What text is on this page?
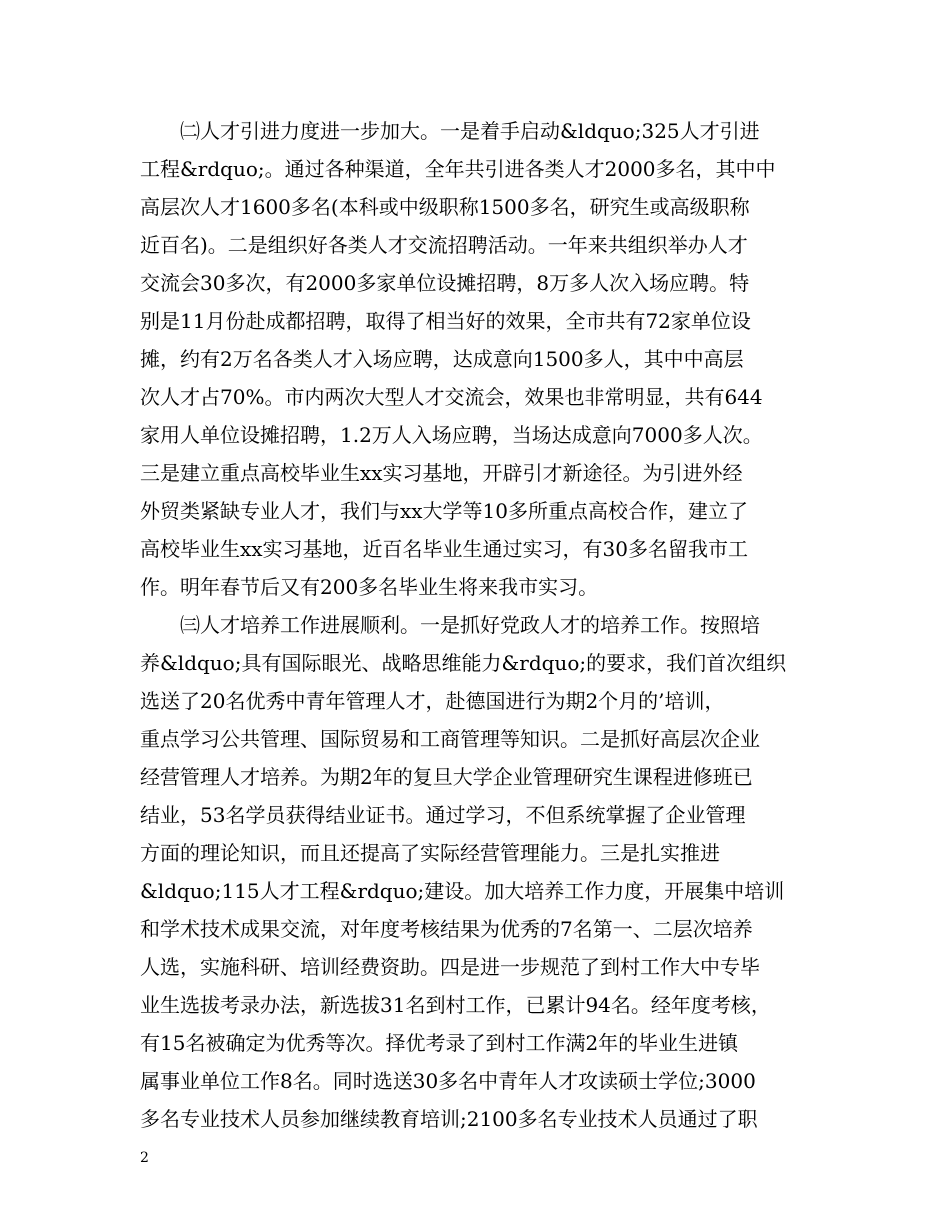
㈡人才引进力度进一步加大。一是着手启动&ldquo;325人才引进
工程&rdquo;。通过各种渠道，全年共引进各类人才2000多名，其中中
高层次人才1600多名(本科或中级职称1500多名，研究生或高级职称
近百名)。二是组织好各类人才交流招聘活动。一年来共组织举办人才
交流会30多次，有2000多家单位设摊招聘，8万多人次入场应聘。特
别是11月份赴成都招聘，取得了相当好的效果，全市共有72家单位设
摊，约有2万名各类人才入场应聘，达成意向1500多人，其中中高层
次人才占70%。市内两次大型人才交流会，效果也非常明显，共有644
家用人单位设摊招聘，1.2万人入场应聘，当场达成意向7000多人次。
三是建立重点高校毕业生xx实习基地，开辟引才新途径。为引进外经
外贸类紧缺专业人才，我们与xx大学等10多所重点高校合作，建立了
高校毕业生xx实习基地，近百名毕业生通过实习，有30多名留我市工
作。明年春节后又有200多名毕业生将来我市实习。
㈢人才培养工作进展顺利。一是抓好党政人才的培养工作。按照培
养&ldquo;具有国际眼光、战略思维能力&rdquo;的要求，我们首次组织
选送了20名优秀中青年管理人才，赴德国进行为期2个月的’培训，
重点学习公共管理、国际贸易和工商管理等知识。二是抓好高层次企业
经营管理人才培养。为期2年的复旦大学企业管理研究生课程进修班已
结业，53名学员获得结业证书。通过学习，不但系统掌握了企业管理
方面的理论知识，而且还提高了实际经营管理能力。三是扎实推进
&ldquo;115人才工程&rdquo;建设。加大培养工作力度，开展集中培训
和学术技术成果交流，对年度考核结果为优秀的7名第一、二层次培养
人选，实施科研、培训经费资助。四是进一步规范了到村工作大中专毕
业生选拔考录办法，新选拔31名到村工作，已累计94名。经年度考核，
有15名被确定为优秀等次。择优考录了到村工作满2年的毕业生进镇
属事业单位工作8名。同时选送30多名中青年人才攻读硕士学位;3000
多名专业技术人员参加继续教育培训;2100多名专业技术人员通过了职
2
